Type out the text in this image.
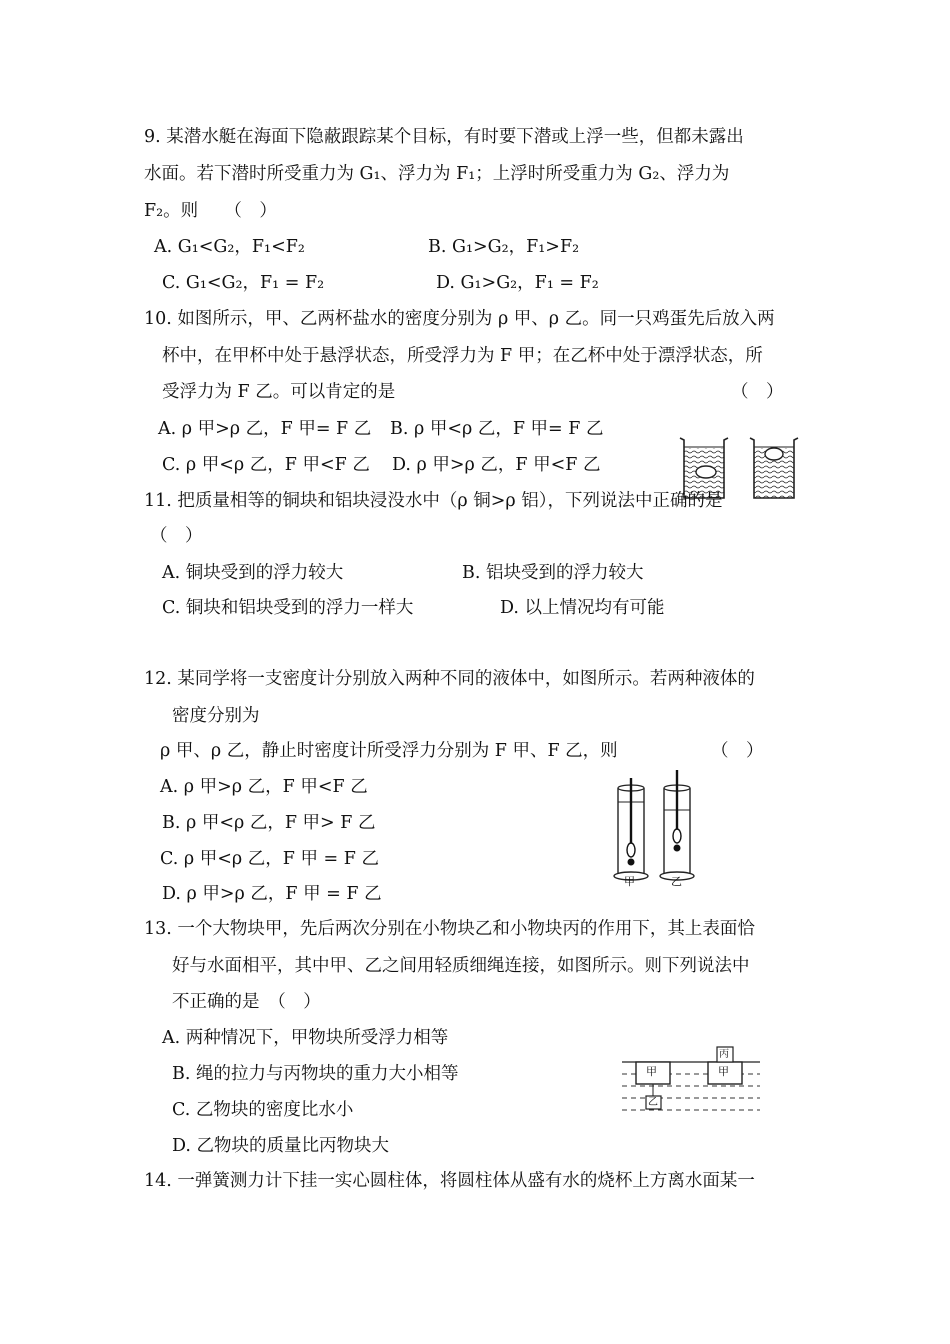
9. 某潜水艇在海面下隐蔽跟踪某个目标，有时要下潜或上浮一些，但都未露出
水面。若下潜时所受重力为 G₁、浮力为 F₁；上浮时所受重力为 G₂、浮力为
F₂。则　　（　）
A. G₁<G₂，F₁<F₂	B. G₁>G₂，F₁>F₂
C. G₁<G₂，F₁ = F₂	D. G₁>G₂，F₁ = F₂
10. 如图所示，甲、乙两杯盐水的密度分别为 ρ 甲、ρ 乙。同一只鸡蛋先后放入两
杯中，在甲杯中处于悬浮状态，所受浮力为 F 甲；在乙杯中处于漂浮状态，所
受浮力为 F 乙。可以肯定的是	（　）
A. ρ 甲>ρ 乙，F 甲= F 乙 B. ρ 甲<ρ 乙，F 甲= F 乙
C. ρ 甲<ρ 乙，F 甲<F 乙 D. ρ 甲>ρ 乙，F 甲<F 乙
11. 把质量相等的铜块和铝块浸没水中（ρ 铜>ρ 铝），下列说法中正确的是
（　）
A. 铜块受到的浮力较大	B. 铝块受到的浮力较大
C. 铜块和铝块受到的浮力一样大	D. 以上情况均有可能
12. 某同学将一支密度计分别放入两种不同的液体中，如图所示。若两种液体的
密度分别为
ρ 甲、ρ 乙，静止时密度计所受浮力分别为 F 甲、F 乙，则	（　）
A. ρ 甲>ρ 乙，F 甲<F 乙
B. ρ 甲<ρ 乙，F 甲> F 乙
C. ρ 甲<ρ 乙，F 甲 = F 乙
D. ρ 甲>ρ 乙，F 甲 = F 乙
甲	乙
13. 一个大物块甲，先后两次分别在小物块乙和小物块丙的作用下，其上表面恰
好与水面相平，其中甲、乙之间用轻质细绳连接，如图所示。则下列说法中
不正确的是　（　）
A. 两种情况下，甲物块所受浮力相等
B. 绳的拉力与丙物块的重力大小相等
C. 乙物块的密度比水小
D. 乙物块的质量比丙物块大
甲	甲
乙
丙
14. 一弹簧测力计下挂一实心圆柱体，将圆柱体从盛有水的烧杯上方离水面某一
